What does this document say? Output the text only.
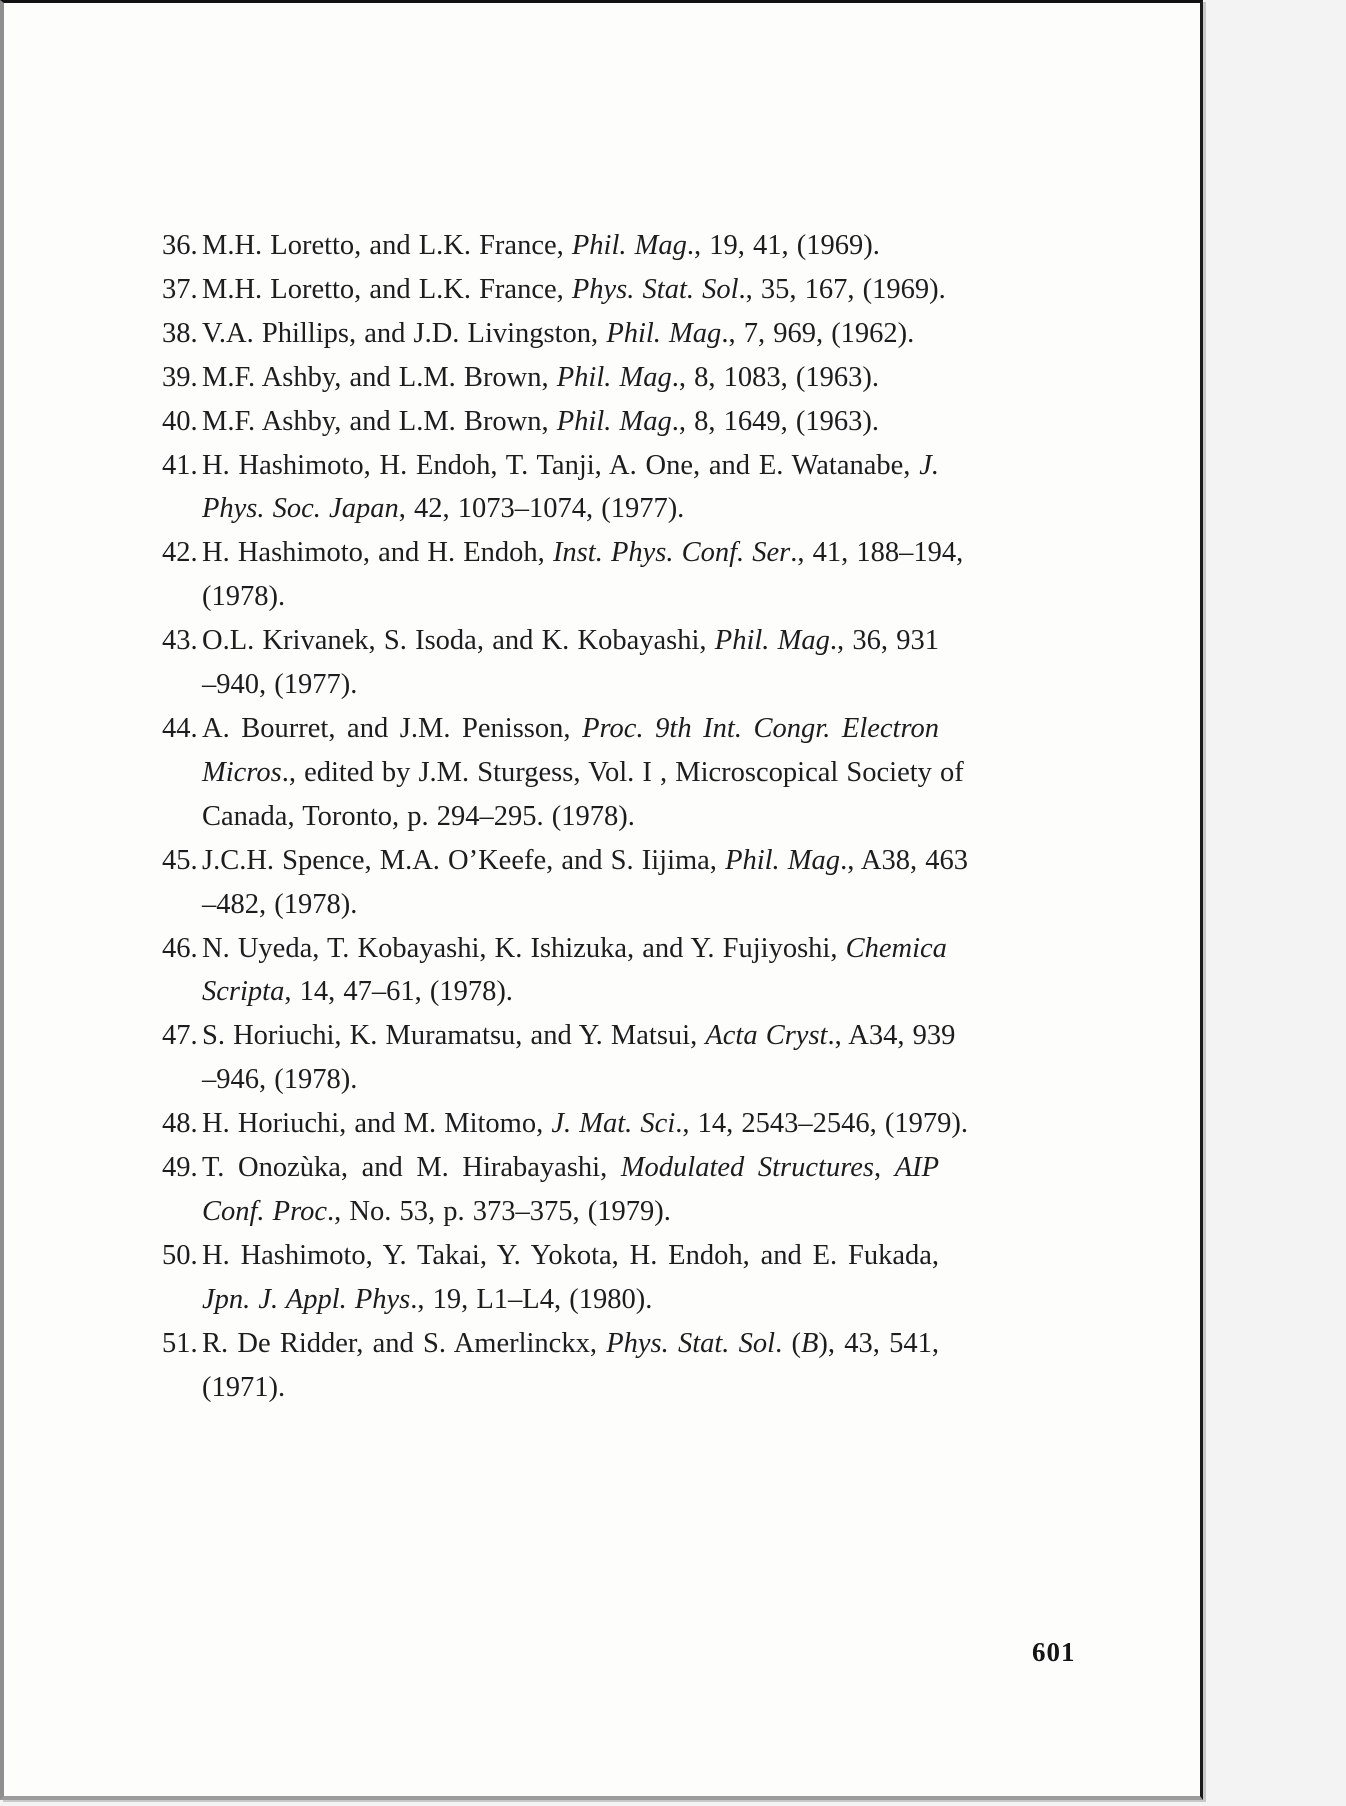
36. M.H. Loretto, and L.K. France, Phil. Mag., 19, 41, (1969).
37. M.H. Loretto, and L.K. France, Phys. Stat. Sol., 35, 167, (1969).
38. V.A. Phillips, and J.D. Livingston, Phil. Mag., 7, 969, (1962).
39. M.F. Ashby, and L.M. Brown, Phil. Mag., 8, 1083, (1963).
40. M.F. Ashby, and L.M. Brown, Phil. Mag., 8, 1649, (1963).
41. H. Hashimoto, H. Endoh, T. Tanji, A. One, and E. Watanabe, J.
Phys. Soc. Japan, 42, 1073–1074, (1977).
42. H. Hashimoto, and H. Endoh, Inst. Phys. Conf. Ser., 41, 188–194,
(1978).
43. O.L. Krivanek, S. Isoda, and K. Kobayashi, Phil. Mag., 36, 931
–940, (1977).
44. A. Bourret, and J.M. Penisson, Proc. 9th Int. Congr. Electron
Micros., edited by J.M. Sturgess, Vol. I , Microscopical Society of
Canada, Toronto, p. 294–295. (1978).
45. J.C.H. Spence, M.A. O’Keefe, and S. Iijima, Phil. Mag., A38, 463
–482, (1978).
46. N. Uyeda, T. Kobayashi, K. Ishizuka, and Y. Fujiyoshi, Chemica
Scripta, 14, 47–61, (1978).
47. S. Horiuchi, K. Muramatsu, and Y. Matsui, Acta Cryst., A34, 939
–946, (1978).
48. H. Horiuchi, and M. Mitomo, J. Mat. Sci., 14, 2543–2546, (1979).
49. T. Onozùka, and M. Hirabayashi, Modulated Structures, AIP
Conf. Proc., No. 53, p. 373–375, (1979).
50. H. Hashimoto, Y. Takai, Y. Yokota, H. Endoh, and E. Fukada,
Jpn. J. Appl. Phys., 19, L1–L4, (1980).
51. R. De Ridder, and S. Amerlinckx, Phys. Stat. Sol. (B), 43, 541,
(1971).
601
